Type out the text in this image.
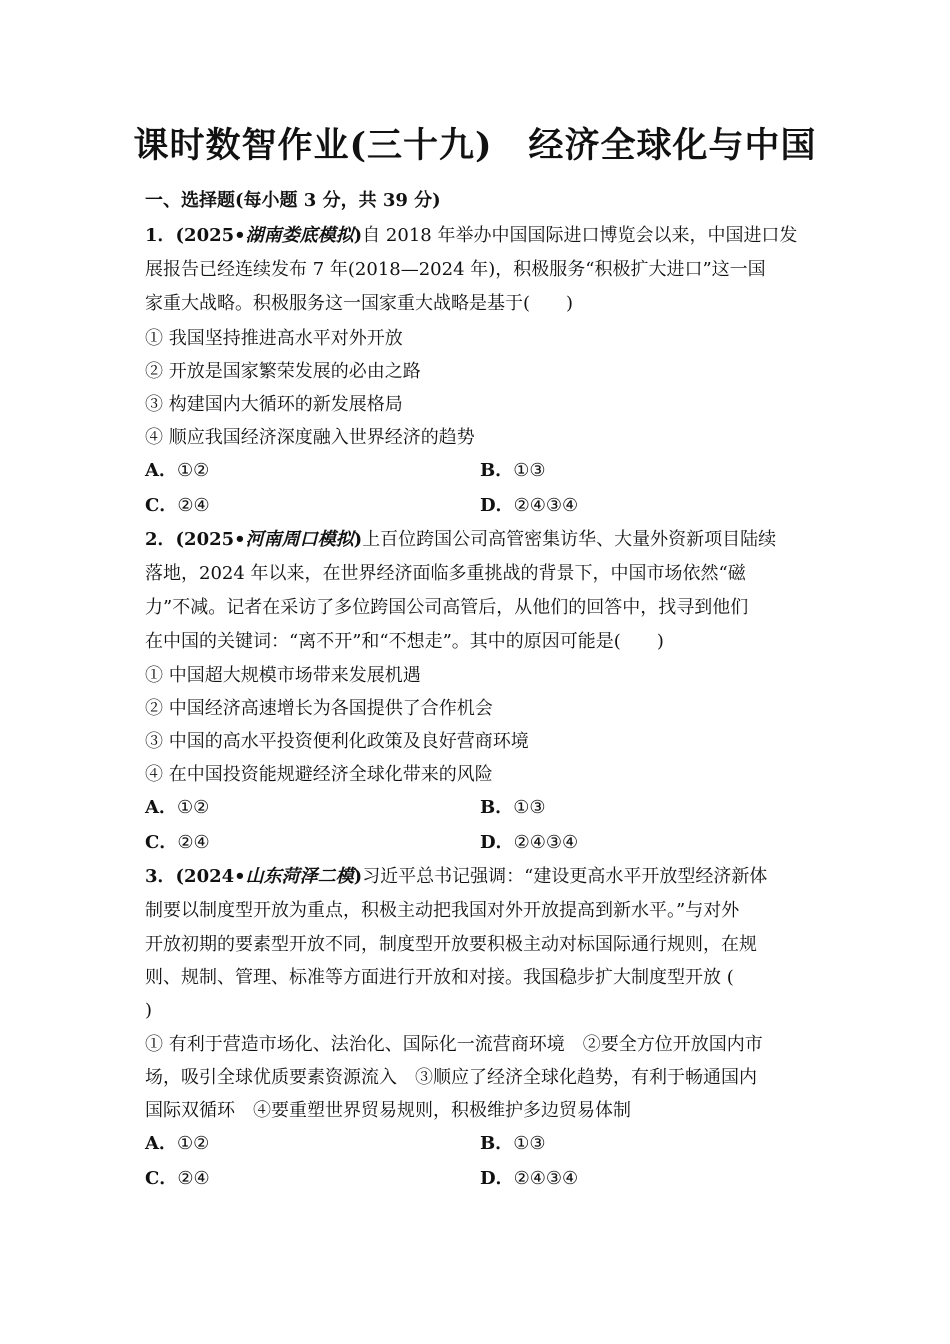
课时数智作业(三十九)　经济全球化与中国
一、选择题(每小题 3 分，共 39 分)
1．(2025•湖南娄底模拟)自 2018 年举办中国国际进口博览会以来，中国进口发
展报告已经连续发布 7 年(2018—2024 年)，积极服务“积极扩大进口”这一国
家重大战略。积极服务这一国家重大战略是基于(　　)
① 我国坚持推进高水平对外开放
② 开放是国家繁荣发展的必由之路
③ 构建国内大循环的新发展格局
④ 顺应我国经济深度融入世界经济的趋势
A．①②	B．①③
C．②④	D．②④③④
2．(2025•河南周口模拟)上百位跨国公司高管密集访华、大量外资新项目陆续
落地，2024 年以来，在世界经济面临多重挑战的背景下，中国市场依然“磁
力”不减。记者在采访了多位跨国公司高管后，从他们的回答中，找寻到他们
在中国的关键词：“离不开”和“不想走”。其中的原因可能是(　　)
① 中国超大规模市场带来发展机遇
② 中国经济高速增长为各国提供了合作机会
③ 中国的高水平投资便利化政策及良好营商环境
④ 在中国投资能规避经济全球化带来的风险
A．①②	B．①③
C．②④	D．②④③④
3．(2024•山东菏泽二模)习近平总书记强调：“建设更高水平开放型经济新体
制要以制度型开放为重点，积极主动把我国对外开放提高到新水平。”与对外
开放初期的要素型开放不同，制度型开放要积极主动对标国际通行规则，在规
则、规制、管理、标准等方面进行开放和对接。我国稳步扩大制度型开放 (
)
① 有利于营造市场化、法治化、国际化一流营商环境　②要全方位开放国内市
场，吸引全球优质要素资源流入　③顺应了经济全球化趋势，有利于畅通国内
国际双循环　④要重塑世界贸易规则，积极维护多边贸易体制
A．①②	B．①③
C．②④	D．②④③④
